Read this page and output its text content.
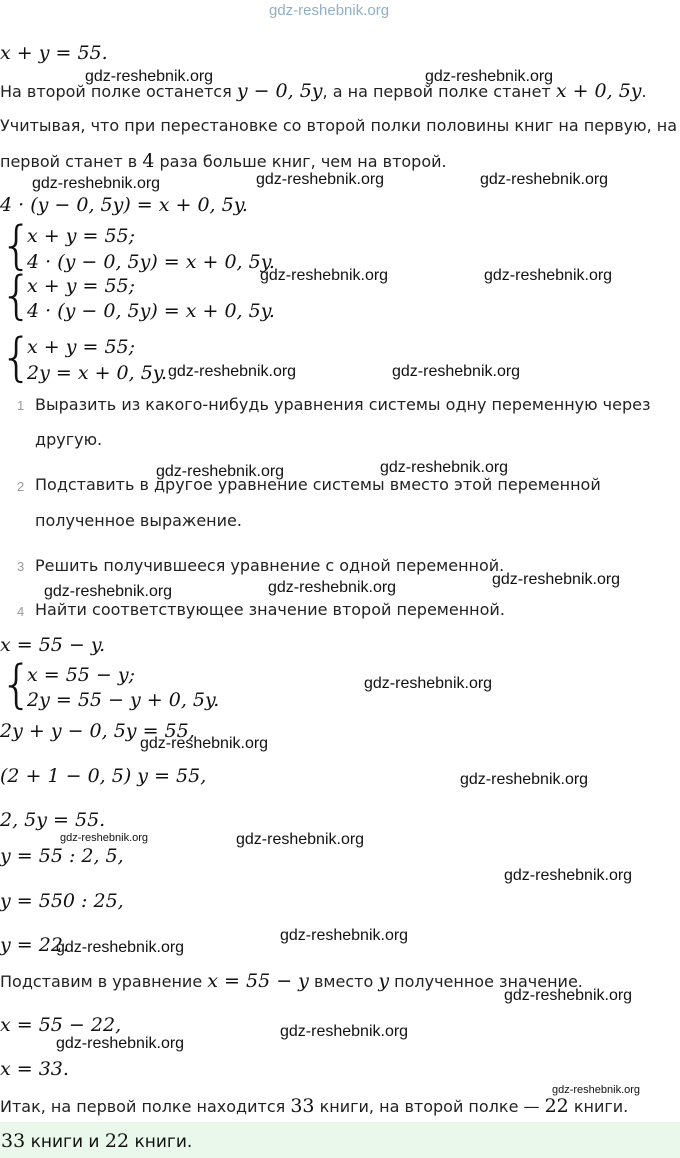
gdz-reshebnik.org
x + y = 55.
На второй полке останется y − 0, 5y, а на первой полке станет x + 0, 5y.
Учитывая, что при перестановке со второй полки половины книг на первую, на
первой станет в 4 раза больше книг, чем на второй.
4 · (y − 0, 5y) = x + 0, 5y.
{
x + y = 55;
4 · (y − 0, 5y) = x + 0, 5y.
{
x + y = 55;
4 · (y − 0, 5y) = x + 0, 5y.
{
x + y = 55;
2y = x + 0, 5y.
1 Выразить из какого-нибудь уравнения системы одну переменную через
другую.
2 Подставить в другое уравнение системы вместо этой переменной
полученное выражение.
3 Решить получившееся уравнение с одной переменной.
4 Найти соответствующее значение второй переменной.
x = 55 − y.
{
x = 55 − y;
2y = 55 − y + 0, 5y.
2y + y − 0, 5y = 55,
(2 + 1 − 0, 5) y = 55,
2, 5y = 55.
y = 55 : 2, 5,
y = 550 : 25,
y = 22.
Подставим в уравнение x = 55 − y вместо y полученное значение.
x = 55 − 22,
x = 33.
Итак, на первой полке находится 33 книги, на второй полке — 22 книги.
33 книги и 22 книги.
gdz-reshebnik.org	gdz-reshebnik.org
gdz-reshebnik.org	gdz-reshebnik.org	gdz-reshebnik.org
gdz-reshebnik.org	gdz-reshebnik.org
gdz-reshebnik.org	gdz-reshebnik.org
gdz-reshebnik.org	gdz-reshebnik.org
gdz-reshebnik.org	gdz-reshebnik.org	gdz-reshebnik.org
gdz-reshebnik.org
gdz-reshebnik.org
gdz-reshebnik.org
gdz-reshebnik.org	gdz-reshebnik.org
gdz-reshebnik.org
gdz-reshebnik.org
gdz-reshebnik.org
gdz-reshebnik.org
gdz-reshebnik.org
gdz-reshebnik.org
gdz-reshebnik.org
